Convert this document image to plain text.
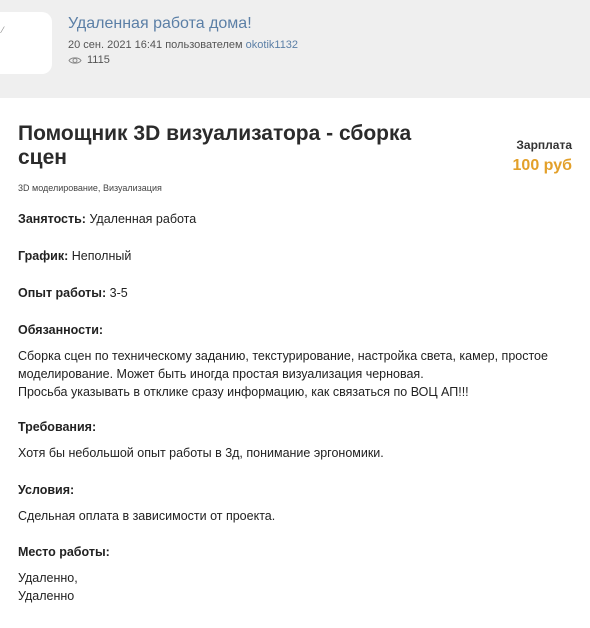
⁄	Удаленная работа дома!
20 сен. 2021 16:41 пользователем okotik1132
1115
Помощник 3D визуализатора - сборка сцен
Зарплата
100 руб
3D моделирование, Визуализация
Занятость: Удаленная работа
График: Неполный
Опыт работы: 3-5
Обязанности:
Сборка сцен по техническому заданию, текстурирование, настройка света, камер, простое
моделирование. Может быть иногда простая визуализация черновая.
Просьба указывать в отклике сразу информацию, как связаться по ВОЦ АП!!!
Требования:
Хотя бы небольшой опыт работы в 3д, понимание эргономики.
Условия:
Сдельная оплата в зависимости от проекта.
Место работы:
Удаленно,
Удаленно
